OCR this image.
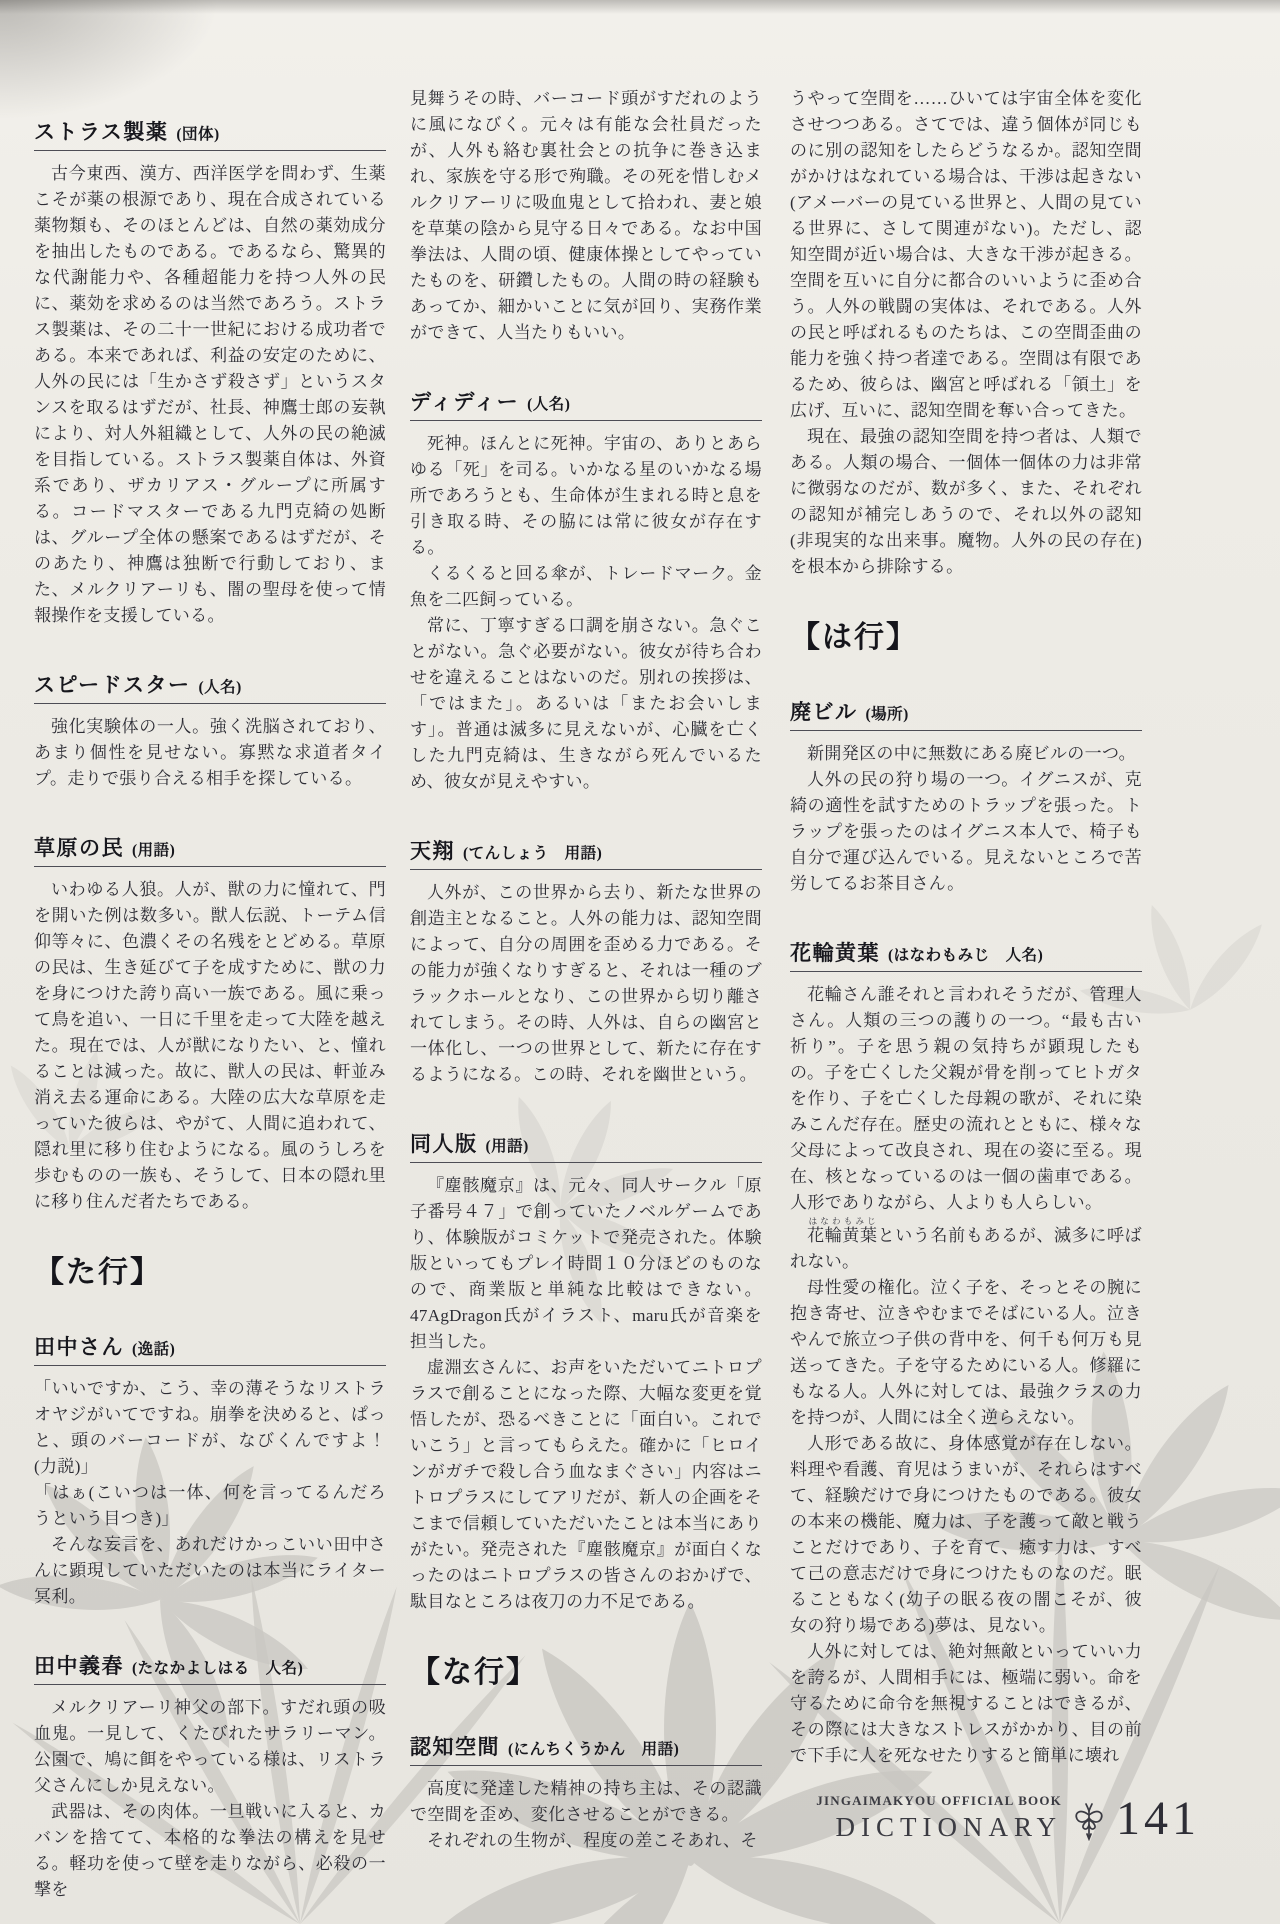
ストラス製薬 (団体)

古今東西、漢方、西洋医学を問わず、生薬こそが薬の根源であり、現在合成されている薬物類も、そのほとんどは、自然の薬効成分を抽出したものである。であるなら、驚異的な代謝能力や、各種超能力を持つ人外の民に、薬効を求めるのは当然であろう。ストラス製薬は、その二十一世紀における成功者である。本来であれば、利益の安定のために、人外の民には「生かさず殺さず」というスタンスを取るはずだが、社長、神鷹士郎の妄執により、対人外組織として、人外の民の絶滅を目指している。ストラス製薬自体は、外資系であり、ザカリアス・グループに所属する。コードマスターである九門克綺の処断は、グループ全体の懸案であるはずだが、そのあたり、神鷹は独断で行動しており、また、メルクリアーリも、闇の聖母を使って情報操作を支援している。

スピードスター (人名)

強化実験体の一人。強く洗脳されており、あまり個性を見せない。寡黙な求道者タイプ。走りで張り合える相手を探している。

草原の民 (用語)

いわゆる人狼。人が、獣の力に憧れて、門を開いた例は数多い。獣人伝説、トーテム信仰等々に、色濃くその名残をとどめる。草原の民は、生き延びて子を成すために、獣の力を身につけた誇り高い一族である。風に乗って鳥を追い、一日に千里を走って大陸を越えた。現在では、人が獣になりたい、と、憧れることは減った。故に、獣人の民は、軒並み消え去る運命にある。大陸の広大な草原を走っていた彼らは、やがて、人間に追われて、隠れ里に移り住むようになる。風のうしろを歩むものの一族も、そうして、日本の隠れ里に移り住んだ者たちである。

【た行】
田中さん (逸話)

「いいですか、こう、幸の薄そうなリストラオヤジがいてですね。崩拳を決めると、ぱっと、頭のバーコードが、なびくんですよ！(力説)」

「はぁ(こいつは一体、何を言ってるんだろうという目つき)」

そんな妄言を、あれだけかっこいい田中さんに顕現していただいたのは本当にライター冥利。

田中義春 (たなかよしはる　人名)

メルクリアーリ神父の部下。すだれ頭の吸血鬼。一見して、くたびれたサラリーマン。公園で、鳩に餌をやっている様は、リストラ父さんにしか見えない。

武器は、その肉体。一旦戦いに入ると、カバンを捨てて、本格的な拳法の構えを見せる。軽功を使って壁を走りながら、必殺の一撃を

見舞うその時、バーコード頭がすだれのように風になびく。元々は有能な会社員だったが、人外も絡む裏社会との抗争に巻き込まれ、家族を守る形で殉職。その死を惜しむメルクリアーリに吸血鬼として拾われ、妻と娘を草葉の陰から見守る日々である。なお中国拳法は、人間の頃、健康体操としてやっていたものを、研鑽したもの。人間の時の経験もあってか、細かいことに気が回り、実務作業ができて、人当たりもいい。

ディディー (人名)

死神。ほんとに死神。宇宙の、ありとあらゆる「死」を司る。いかなる星のいかなる場所であろうとも、生命体が生まれる時と息を引き取る時、その脇には常に彼女が存在する。

くるくると回る傘が、トレードマーク。金魚を二匹飼っている。

常に、丁寧すぎる口調を崩さない。急ぐことがない。急ぐ必要がない。彼女が待ち合わせを違えることはないのだ。別れの挨拶は、「ではまた」。あるいは「またお会いします」。普通は滅多に見えないが、心臓を亡くした九門克綺は、生きながら死んでいるため、彼女が見えやすい。

天翔 (てんしょう　用語)

人外が、この世界から去り、新たな世界の創造主となること。人外の能力は、認知空間によって、自分の周囲を歪める力である。その能力が強くなりすぎると、それは一種のブラックホールとなり、この世界から切り離されてしまう。その時、人外は、自らの幽宮と一体化し、一つの世界として、新たに存在するようになる。この時、それを幽世という。

同人版 (用語)

『塵骸魔京』は、元々、同人サークル「原子番号４７」で創っていたノベルゲームであり、体験版がコミケットで発売された。体験版といってもプレイ時間１０分ほどのものなので、商業版と単純な比較はできない。47AgDragon氏がイラスト、maru氏が音楽を担当した。

虚淵玄さんに、お声をいただいてニトロプラスで創ることになった際、大幅な変更を覚悟したが、恐るべきことに「面白い。これでいこう」と言ってもらえた。確かに「ヒロインがガチで殺し合う血なまぐさい」内容はニトロプラスにしてアリだが、新人の企画をそこまで信頼していただいたことは本当にありがたい。発売された『塵骸魔京』が面白くなったのはニトロプラスの皆さんのおかげで、駄目なところは夜刀の力不足である。

【な行】
認知空間 (にんちくうかん　用語)

高度に発達した精神の持ち主は、その認識で空間を歪め、変化させることができる。

それぞれの生物が、程度の差こそあれ、そ

うやって空間を……ひいては宇宙全体を変化させつつある。さてでは、違う個体が同じものに別の認知をしたらどうなるか。認知空間がかけはなれている場合は、干渉は起きない(アメーバーの見ている世界と、人間の見ている世界に、さして関連がない)。ただし、認知空間が近い場合は、大きな干渉が起きる。空間を互いに自分に都合のいいように歪め合う。人外の戦闘の実体は、それである。人外の民と呼ばれるものたちは、この空間歪曲の能力を強く持つ者達である。空間は有限であるため、彼らは、幽宮と呼ばれる「領土」を広げ、互いに、認知空間を奪い合ってきた。

現在、最強の認知空間を持つ者は、人類である。人類の場合、一個体一個体の力は非常に微弱なのだが、数が多く、また、それぞれの認知が補完しあうので、それ以外の認知(非現実的な出来事。魔物。人外の民の存在)を根本から排除する。

【は行】
廃ビル (場所)

新開発区の中に無数にある廃ビルの一つ。

人外の民の狩り場の一つ。イグニスが、克綺の適性を試すためのトラップを張った。トラップを張ったのはイグニス本人で、椅子も自分で運び込んでいる。見えないところで苦労してるお茶目さん。

花輪黄葉 (はなわもみじ　人名)

花輪さん誰それと言われそうだが、管理人さん。人類の三つの護りの一つ。“最も古い祈り”。子を思う親の気持ちが顕現したもの。子を亡くした父親が骨を削ってヒトガタを作り、子を亡くした母親の歌が、それに染みこんだ存在。歴史の流れとともに、様々な父母によって改良され、現在の姿に至る。現在、核となっているのは一個の歯車である。人形でありながら、人よりも人らしい。

花輪黄葉はなわもみじという名前もあるが、滅多に呼ばれない。

母性愛の権化。泣く子を、そっとその腕に抱き寄せ、泣きやむまでそばにいる人。泣きやんで旅立つ子供の背中を、何千も何万も見送ってきた。子を守るためにいる人。修羅にもなる人。人外に対しては、最強クラスの力を持つが、人間には全く逆らえない。

人形である故に、身体感覚が存在しない。料理や看護、育児はうまいが、それらはすべて、経験だけで身につけたものである。彼女の本来の機能、魔力は、子を護って敵と戦うことだけであり、子を育て、癒す力は、すべて己の意志だけで身につけたものなのだ。眠ることもなく(幼子の眠る夜の闇こそが、彼女の狩り場である)夢は、見ない。

人外に対しては、絶対無敵といっていい力を誇るが、人間相手には、極端に弱い。命を守るために命令を無視することはできるが、その際には大きなストレスがかかり、目の前で下手に人を死なせたりすると簡単に壊れ

JINGAIMAKYOU OFFICIAL BOOK
DICTIONARY 141
